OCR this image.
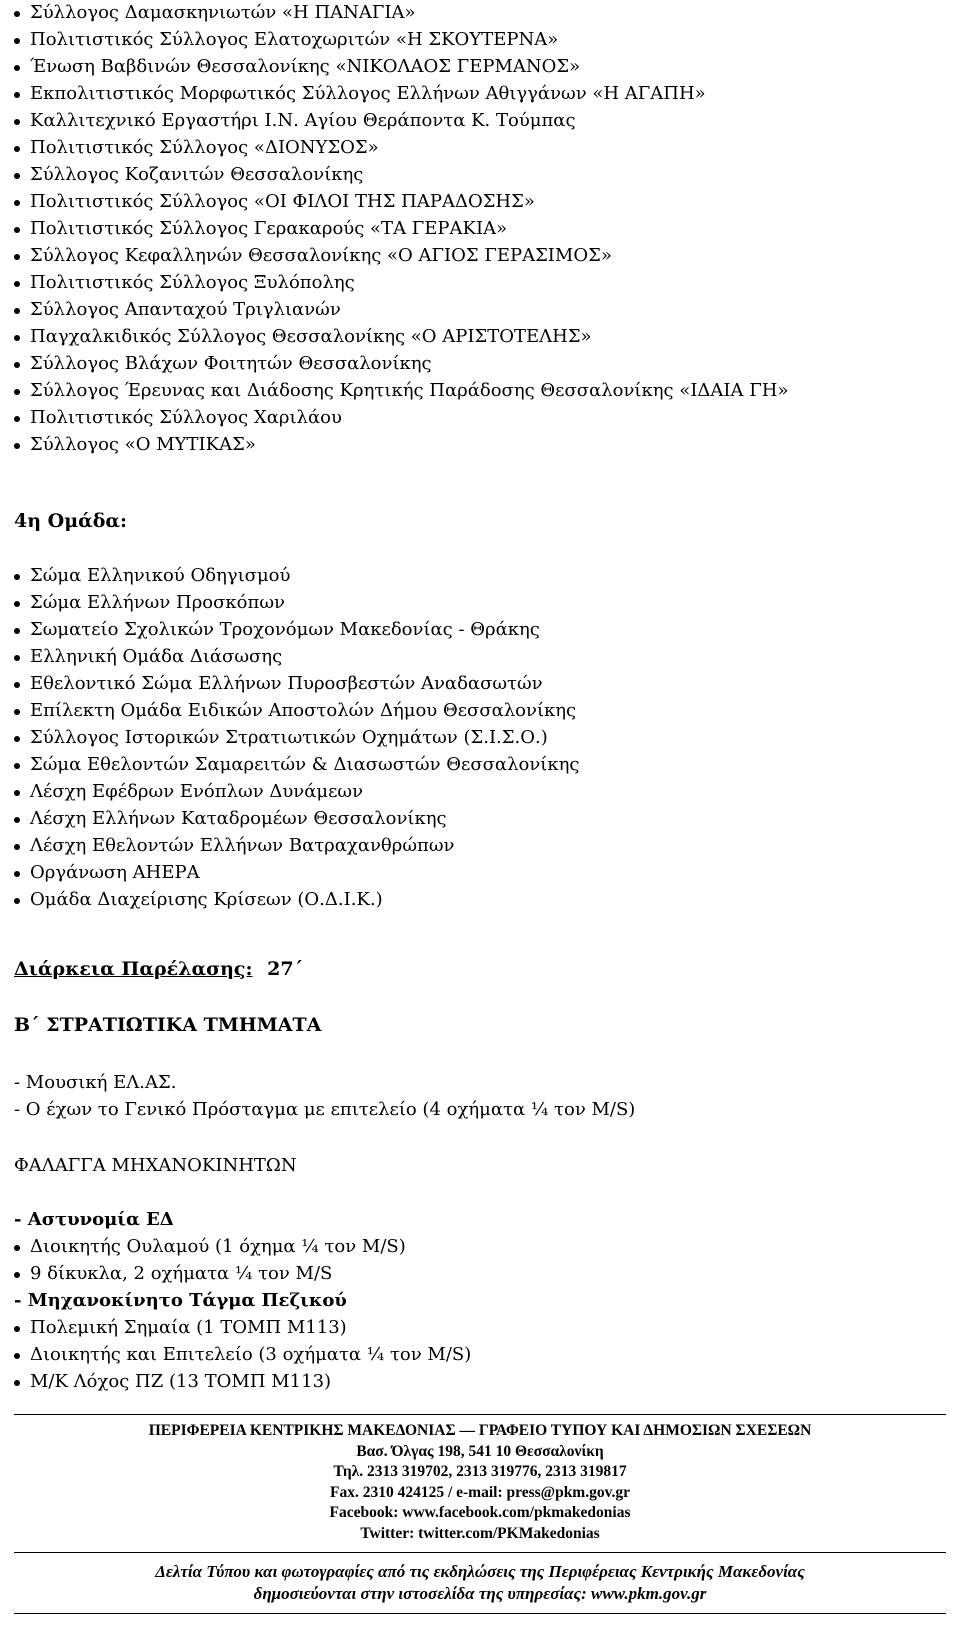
Σύλλογος Δαμασκηνιωτών «Η ΠΑΝΑΓΙΑ»
Πολιτιστικός Σύλλογος Ελατοχωριτών «Η ΣΚΟΥΤΕΡΝΑ»
Ένωση Βαβδινών Θεσσαλονίκης «ΝΙΚΟΛΑΟΣ ΓΕΡΜΑΝΟΣ»
Εκπολιτιστικός Μορφωτικός Σύλλογος Ελλήνων Αθιγγάνων «Η ΑΓΑΠΗ»
Καλλιτεχνικό Εργαστήρι Ι.Ν. Αγίου Θεράποντα Κ. Τούμπας
Πολιτιστικός Σύλλογος «ΔΙΟΝΥΣΟΣ»
Σύλλογος Κοζανιτών Θεσσαλονίκης
Πολιτιστικός Σύλλογος «ΟΙ ΦΙΛΟΙ ΤΗΣ ΠΑΡΑΔΟΣΗΣ»
Πολιτιστικός Σύλλογος Γερακαρούς «ΤΑ ΓΕΡΑΚΙΑ»
Σύλλογος Κεφαλληνών Θεσσαλονίκης «Ο ΑΓΙΟΣ ΓΕΡΑΣΙΜΟΣ»
Πολιτιστικός Σύλλογος Ξυλόπολης
Σύλλογος Απανταχού Τριγλιανών
Παγχαλκιδικός Σύλλογος Θεσσαλονίκης «Ο ΑΡΙΣΤΟΤΕΛΗΣ»
Σύλλογος Βλάχων Φοιτητών Θεσσαλονίκης
Σύλλογος Έρευνας και Διάδοσης Κρητικής Παράδοσης Θεσσαλονίκης «ΙΔΑΙΑ ΓΗ»
Πολιτιστικός Σύλλογος Χαριλάου
Σύλλογος «Ο ΜΥΤΙΚΑΣ»
4η Ομάδα:
Σώμα Ελληνικού Οδηγισμού
Σώμα Ελλήνων Προσκόπων
Σωματείο Σχολικών Τροχονόμων Μακεδονίας - Θράκης
Ελληνική Ομάδα Διάσωσης
Εθελοντικό Σώμα Ελλήνων Πυροσβεστών Αναδασωτών
Επίλεκτη Ομάδα Ειδικών Αποστολών Δήμου Θεσσαλονίκης
Σύλλογος Ιστορικών Στρατιωτικών Οχημάτων (Σ.Ι.Σ.Ο.)
Σώμα Εθελοντών Σαμαρειτών & Διασωστών Θεσσαλονίκης
Λέσχη Εφέδρων Ενόπλων Δυνάμεων
Λέσχη Ελλήνων Καταδρομέων Θεσσαλονίκης
Λέσχη Εθελοντών Ελλήνων Βατραχανθρώπων
Οργάνωση ΑΗΕΡΑ
Ομάδα Διαχείρισης Κρίσεων (Ο.Δ.Ι.Κ.)
Διάρκεια Παρέλασης: 27΄
Β΄ ΣΤΡΑΤΙΩΤΙΚΑ ΤΜΗΜΑΤΑ
- Μουσική ΕΛ.ΑΣ.
- Ο έχων το Γενικό Πρόσταγμα με επιτελείο (4 οχήματα ¼ τον M/S)
ΦΑΛΑΓΓΑ ΜΗΧΑΝΟΚΙΝΗΤΩΝ
- Αστυνομία ΕΔ
Διοικητής Ουλαμού (1 όχημα ¼ τον M/S)
9 δίκυκλα, 2 οχήματα ¼ τον M/S
- Μηχανοκίνητο Τάγμα Πεζικού
Πολεμική Σημαία (1 ΤΟΜΠ Μ113)
Διοικητής και Επιτελείο (3 οχήματα ¼ τον M/S)
Μ/Κ Λόχος ΠΖ (13 ΤΟΜΠ Μ113)
ΠΕΡΙΦΕΡΕΙΑ ΚΕΝΤΡΙΚΗΣ ΜΑΚΕΔΟΝΙΑΣ — ΓΡΑΦΕΙΟ ΤΥΠΟΥ ΚΑΙ ΔΗΜΟΣΙΩΝ ΣΧΕΣΕΩΝ
Βασ. Όλγας 198, 541 10 Θεσσαλονίκη
Τηλ. 2313 319702, 2313 319776, 2313 319817
Fax. 2310 424125 / e-mail: press@pkm.gov.gr
Facebook: www.facebook.com/pkmakedonias
Twitter: twitter.com/PKMakedonias
Δελτία Τύπου και φωτογραφίες από τις εκδηλώσεις της Περιφέρειας Κεντρικής Μακεδονίας
δημοσιεύονται στην ιστοσελίδα της υπηρεσίας: www.pkm.gov.gr
